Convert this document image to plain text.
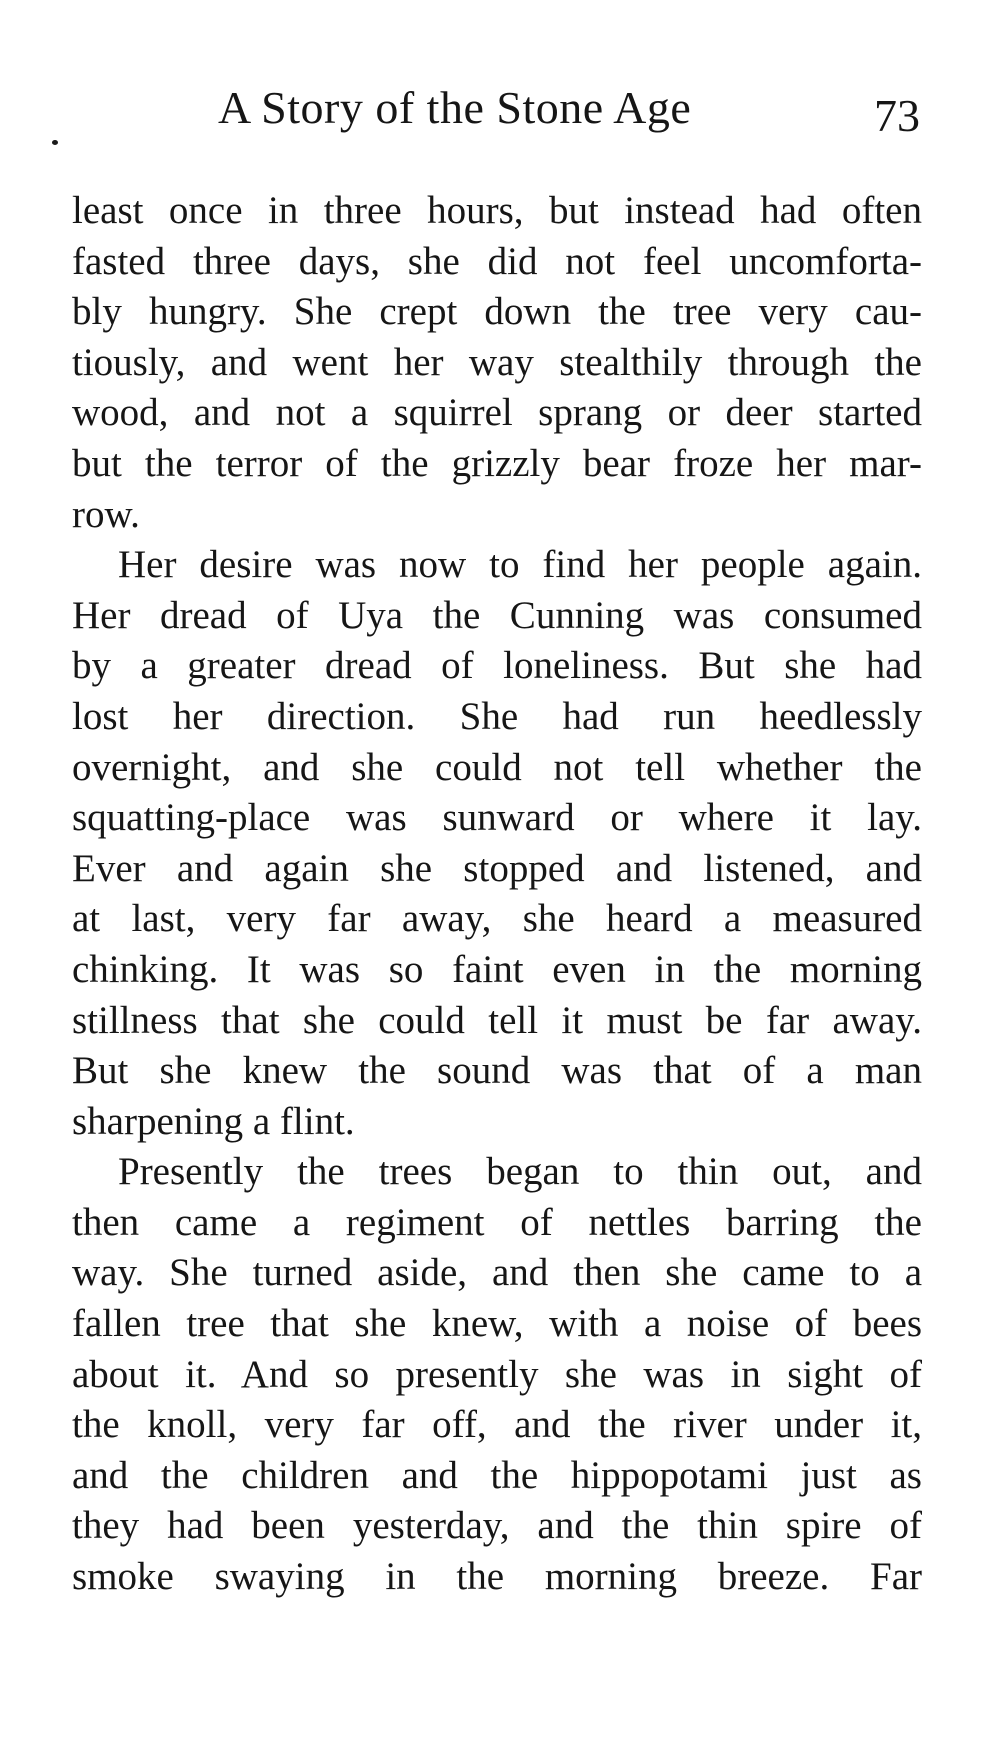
A Story of the Stone Age	73
least once in three hours, but instead had often
fasted three days, she did not feel uncomforta-
bly hungry. She crept down the tree very cau-
tiously, and went her way stealthily through the
wood, and not a squirrel sprang or deer started
but the terror of the grizzly bear froze her mar-
row.
Her desire was now to find her people again.
Her dread of Uya the Cunning was consumed
by a greater dread of loneliness. But she had
lost her direction. She had run heedlessly
overnight, and she could not tell whether the
squatting-place was sunward or where it lay.
Ever and again she stopped and listened, and
at last, very far away, she heard a measured
chinking. It was so faint even in the morning
stillness that she could tell it must be far away.
But she knew the sound was that of a man
sharpening a flint.
Presently the trees began to thin out, and
then came a regiment of nettles barring the
way. She turned aside, and then she came to a
fallen tree that she knew, with a noise of bees
about it. And so presently she was in sight of
the knoll, very far off, and the river under it,
and the children and the hippopotami just as
they had been yesterday, and the thin spire of
smoke swaying in the morning breeze. Far
